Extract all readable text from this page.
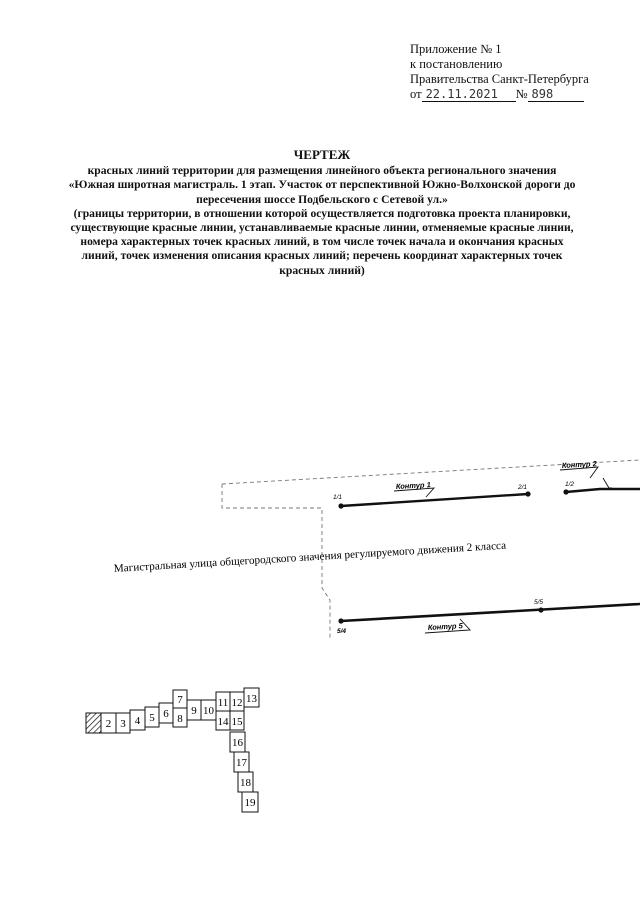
Приложение № 1
к постановлению
Правительства Санкт-Петербурга
от 22.11.2021 № 898
ЧЕРТЕЖ
красных линий территории для размещения линейного объекта регионального значения
«Южная широтная магистраль. 1 этап. Участок от перспективной Южно-Волхонской дороги до
пересечения шоссе Подбельского с Сетевой ул.»
(границы территории, в отношении которой осуществляется подготовка проекта планировки,
существующие красные линии, устанавливаемые красные линии, отменяемые красные линии,
номера характерных точек красных линий, в том числе точек начала и окончания красных
линий, точек изменения описания красных линий; перечень координат характерных точек
красных линий)
Контур 1
Контур 2
Контур 5
1/1
2/1	1/2
5/5
5/4
Магистральная улица общегородского значения регулируемого движения 2 класса
2 3 4 5 6
7
8
9 10
11 12 13
14 15
16
17
18
19
